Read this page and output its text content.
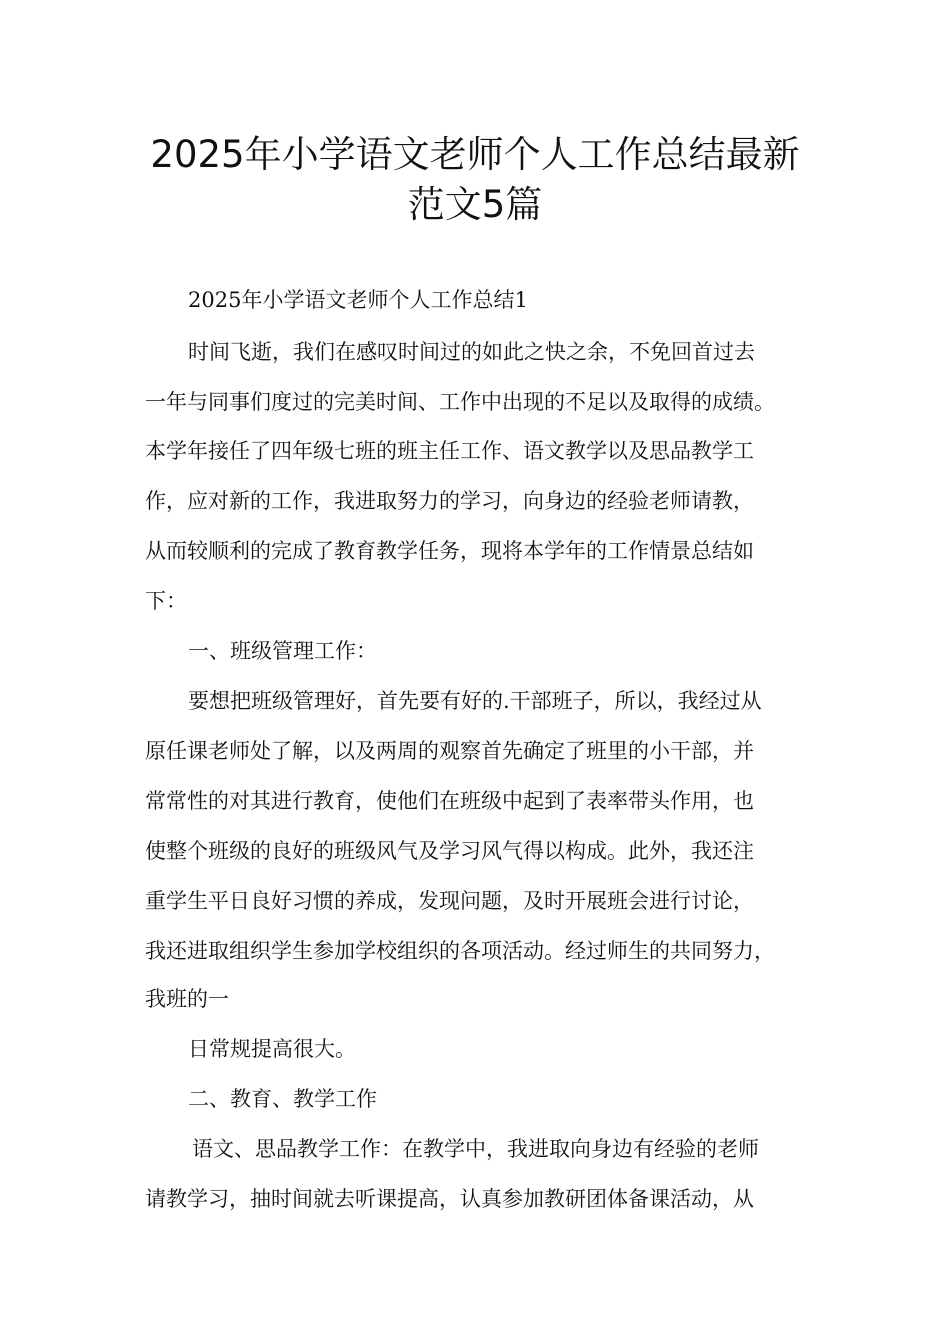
2025年小学语文老师个人工作总结最新
范文5篇
2025年小学语文老师个人工作总结1
时间飞逝，我们在感叹时间过的如此之快之余，不免回首过去
一年与同事们度过的完美时间、工作中出现的不足以及取得的成绩。
本学年接任了四年级七班的班主任工作、语文教学以及思品教学工
作，应对新的工作，我进取努力的学习，向身边的经验老师请教，
从而较顺利的完成了教育教学任务，现将本学年的工作情景总结如
下：
一、班级管理工作：
要想把班级管理好，首先要有好的.干部班子，所以，我经过从
原任课老师处了解，以及两周的观察首先确定了班里的小干部，并
常常性的对其进行教育，使他们在班级中起到了表率带头作用，也
使整个班级的良好的班级风气及学习风气得以构成。此外，我还注
重学生平日良好习惯的养成，发现问题，及时开展班会进行讨论，
我还进取组织学生参加学校组织的各项活动。经过师生的共同努力，
我班的一
日常规提高很大。
二、教育、教学工作
语文、思品教学工作：在教学中，我进取向身边有经验的老师
请教学习，抽时间就去听课提高，认真参加教研团体备课活动，从
